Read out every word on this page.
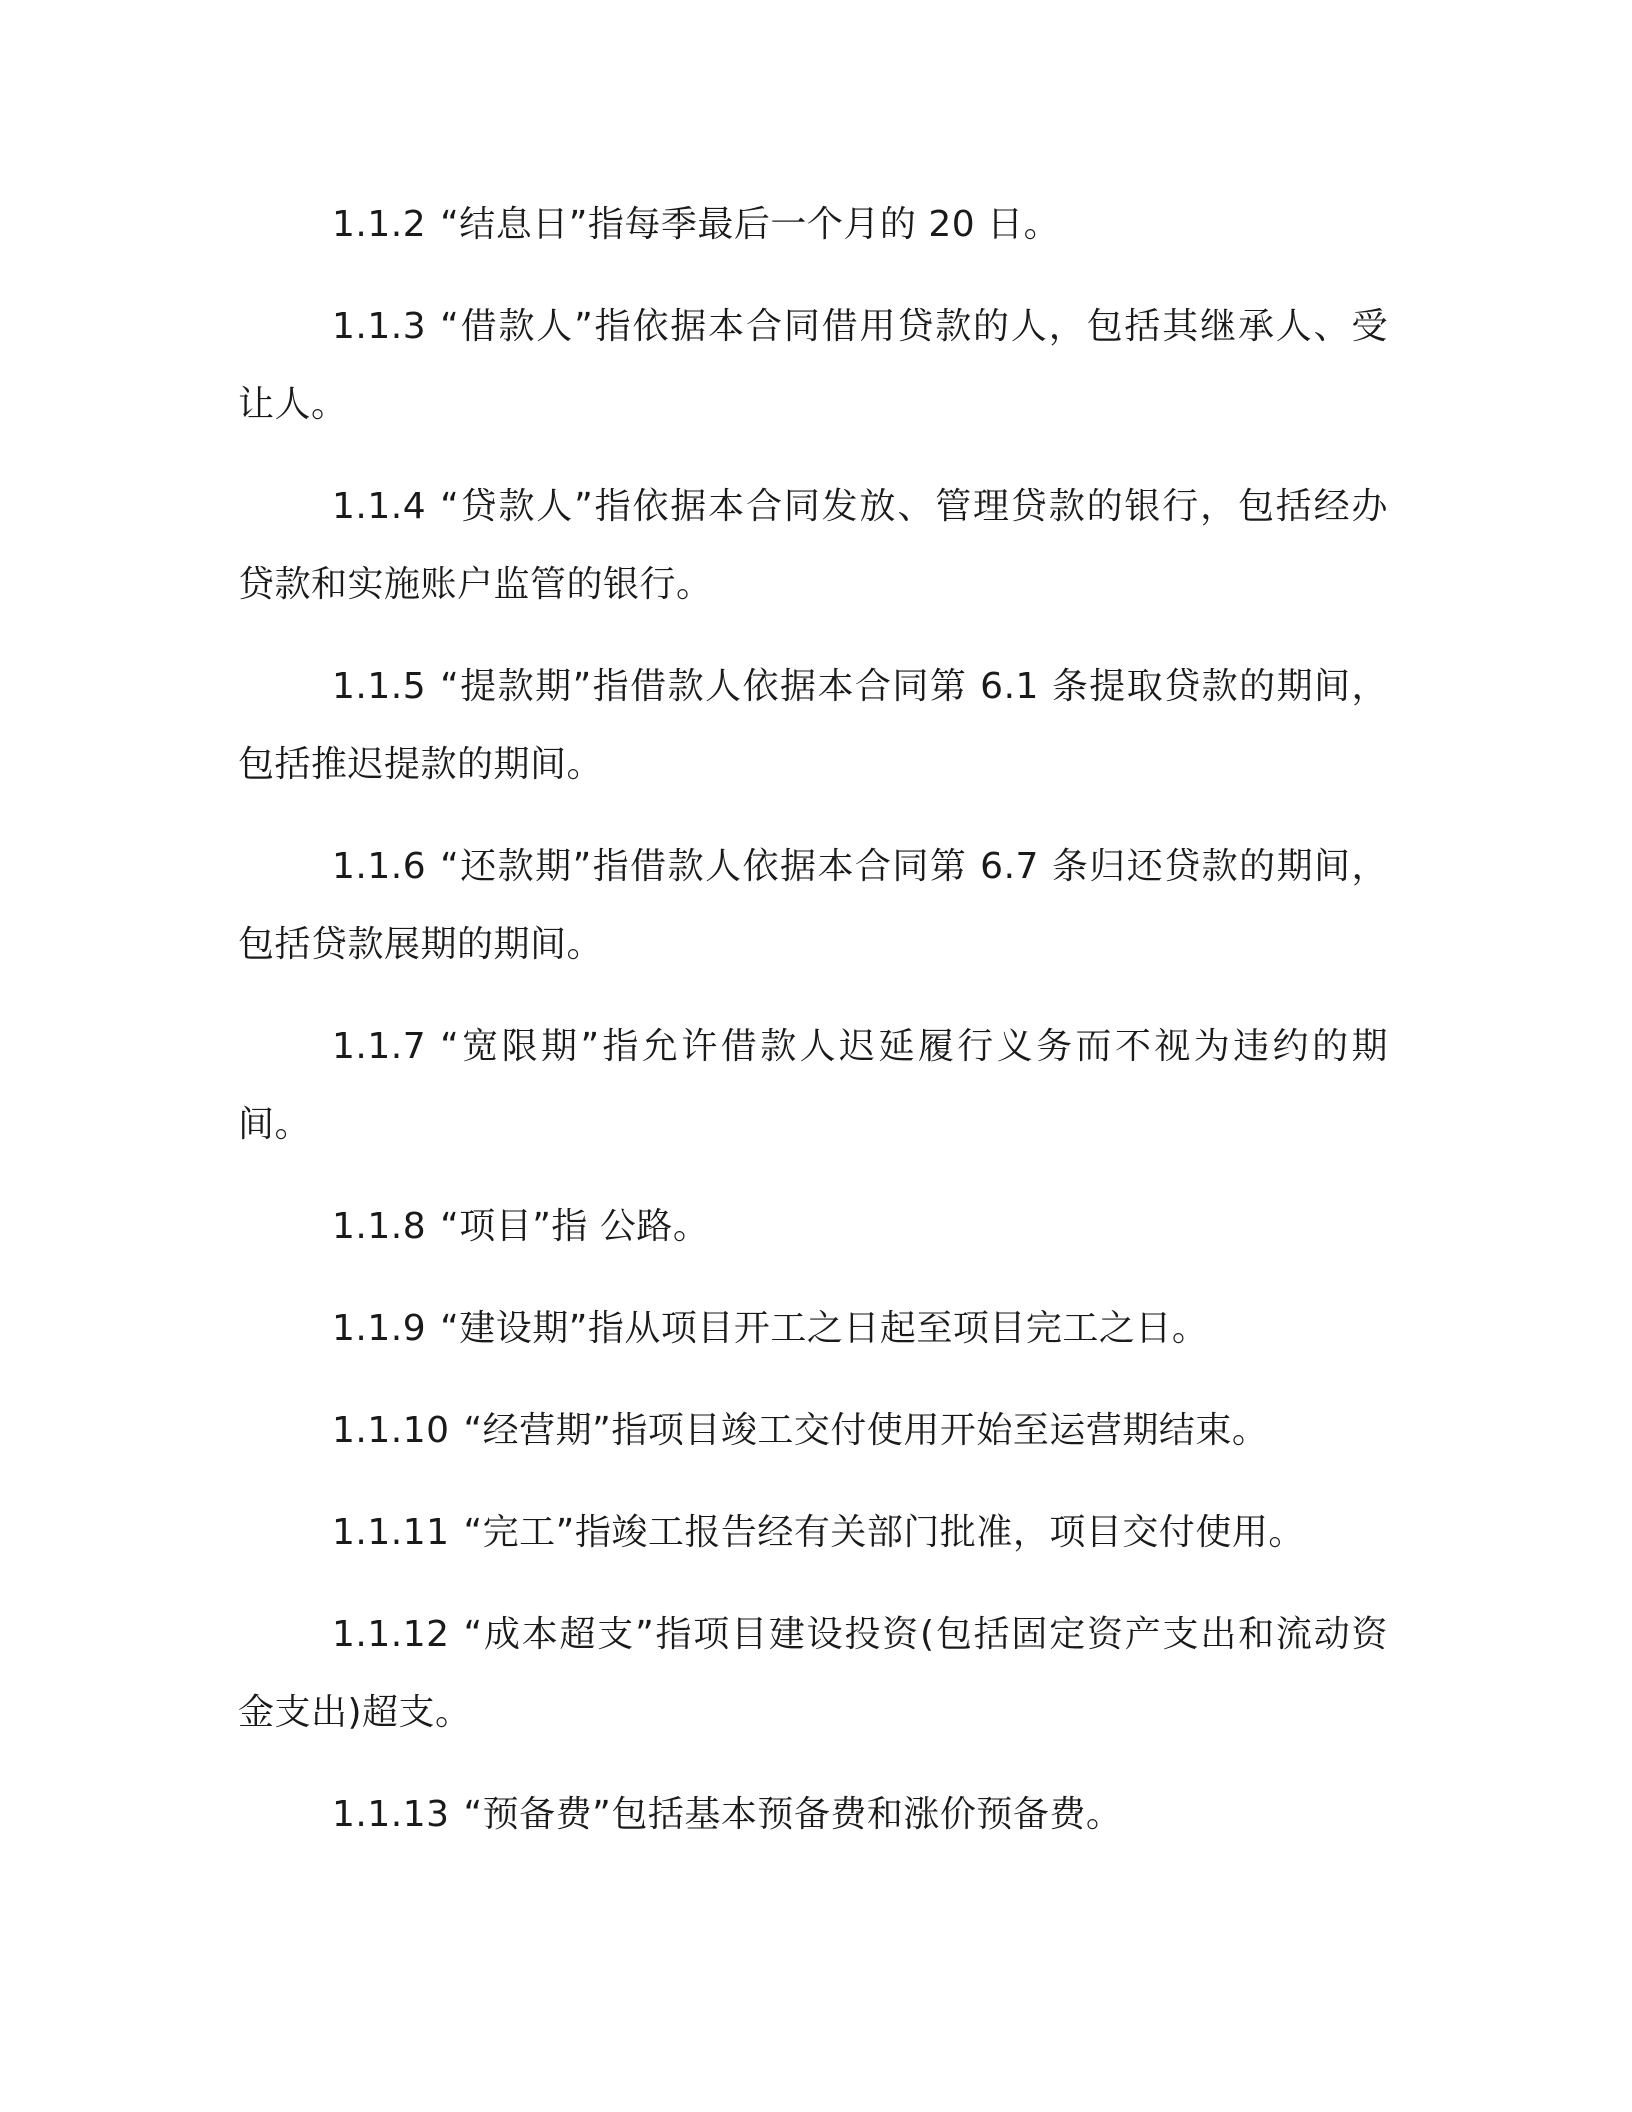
1.1.2 “结息日”指每季最后一个月的 20 日。

1.1.3 “借款人”指依据本合同借用贷款的人，包括其继承人、受让人。

1.1.4 “贷款人”指依据本合同发放、管理贷款的银行，包括经办贷款和实施账户监管的银行。

1.1.5 “提款期”指借款人依据本合同第 6.1 条提取贷款的期间，包括推迟提款的期间。

1.1.6 “还款期”指借款人依据本合同第 6.7 条归还贷款的期间，包括贷款展期的期间。

1.1.7 “宽限期”指允许借款人迟延履行义务而不视为违约的期间。

1.1.8 “项目”指 公路。

1.1.9 “建设期”指从项目开工之日起至项目完工之日。

1.1.10 “经营期”指项目竣工交付使用开始至运营期结束。

1.1.11 “完工”指竣工报告经有关部门批准，项目交付使用。

1.1.12 “成本超支”指项目建设投资(包括固定资产支出和流动资金支出)超支。

1.1.13 “预备费”包括基本预备费和涨价预备费。
